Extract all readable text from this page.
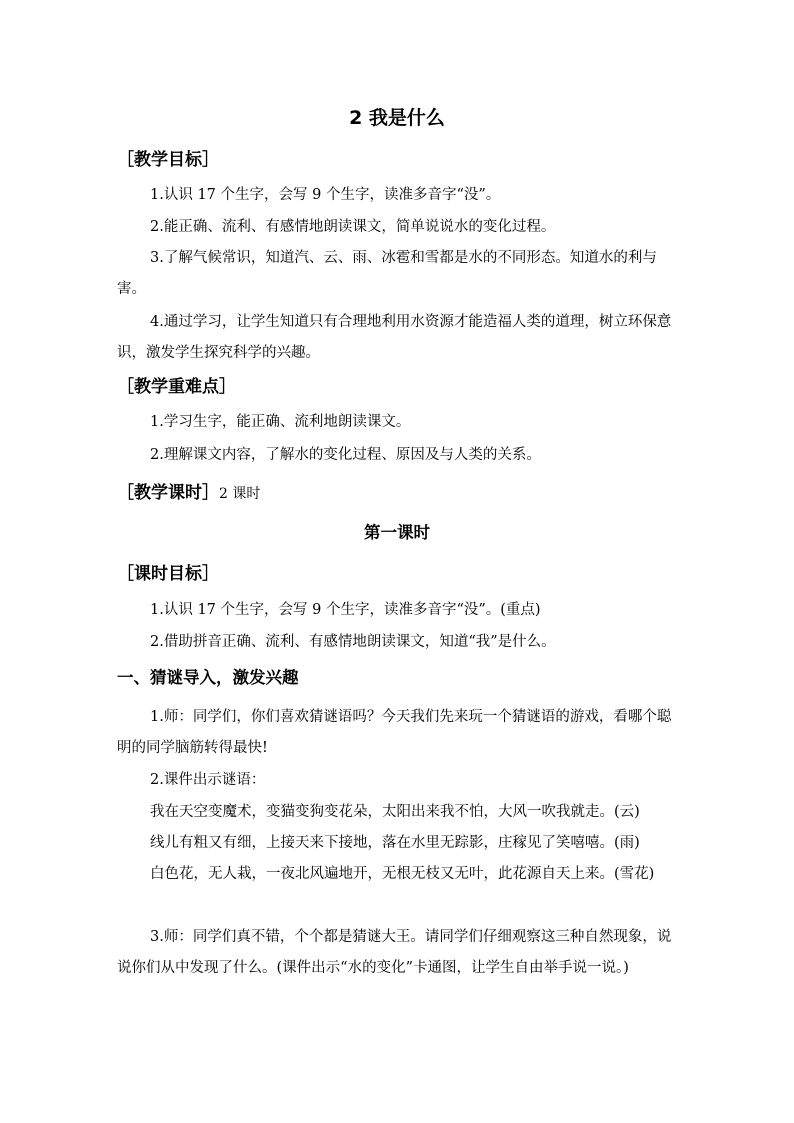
2 我是什么
［教学目标］
1.认识 17 个生字，会写 9 个生字，读准多音字“没”。
2.能正确、流利、有感情地朗读课文，简单说说水的变化过程。
3.了解气候常识，知道汽、云、雨、冰雹和雪都是水的不同形态。知道水的利与害。
4.通过学习，让学生知道只有合理地利用水资源才能造福人类的道理，树立环保意识，激发学生探究科学的兴趣。
［教学重难点］
1.学习生字，能正确、流利地朗读课文。
2.理解课文内容，了解水的变化过程、原因及与人类的关系。
［教学课时］2 课时
第一课时
［课时目标］
1.认识 17 个生字，会写 9 个生字，读准多音字“没”。(重点)
2.借助拼音正确、流利、有感情地朗读课文，知道“我”是什么。
一、猜谜导入，激发兴趣
1.师：同学们，你们喜欢猜谜语吗？今天我们先来玩一个猜谜语的游戏，看哪个聪明的同学脑筋转得最快!
2.课件出示谜语：
我在天空变魔术，变猫变狗变花朵，太阳出来我不怕，大风一吹我就走。(云)
线儿有粗又有细，上接天来下接地，落在水里无踪影，庄稼见了笑嘻嘻。(雨)
白色花，无人栽，一夜北风遍地开，无根无枝又无叶，此花源自天上来。(雪花)
3.师：同学们真不错，个个都是猜谜大王。请同学们仔细观察这三种自然现象，说说你们从中发现了什么。(课件出示“水的变化”卡通图，让学生自由举手说一说。)
